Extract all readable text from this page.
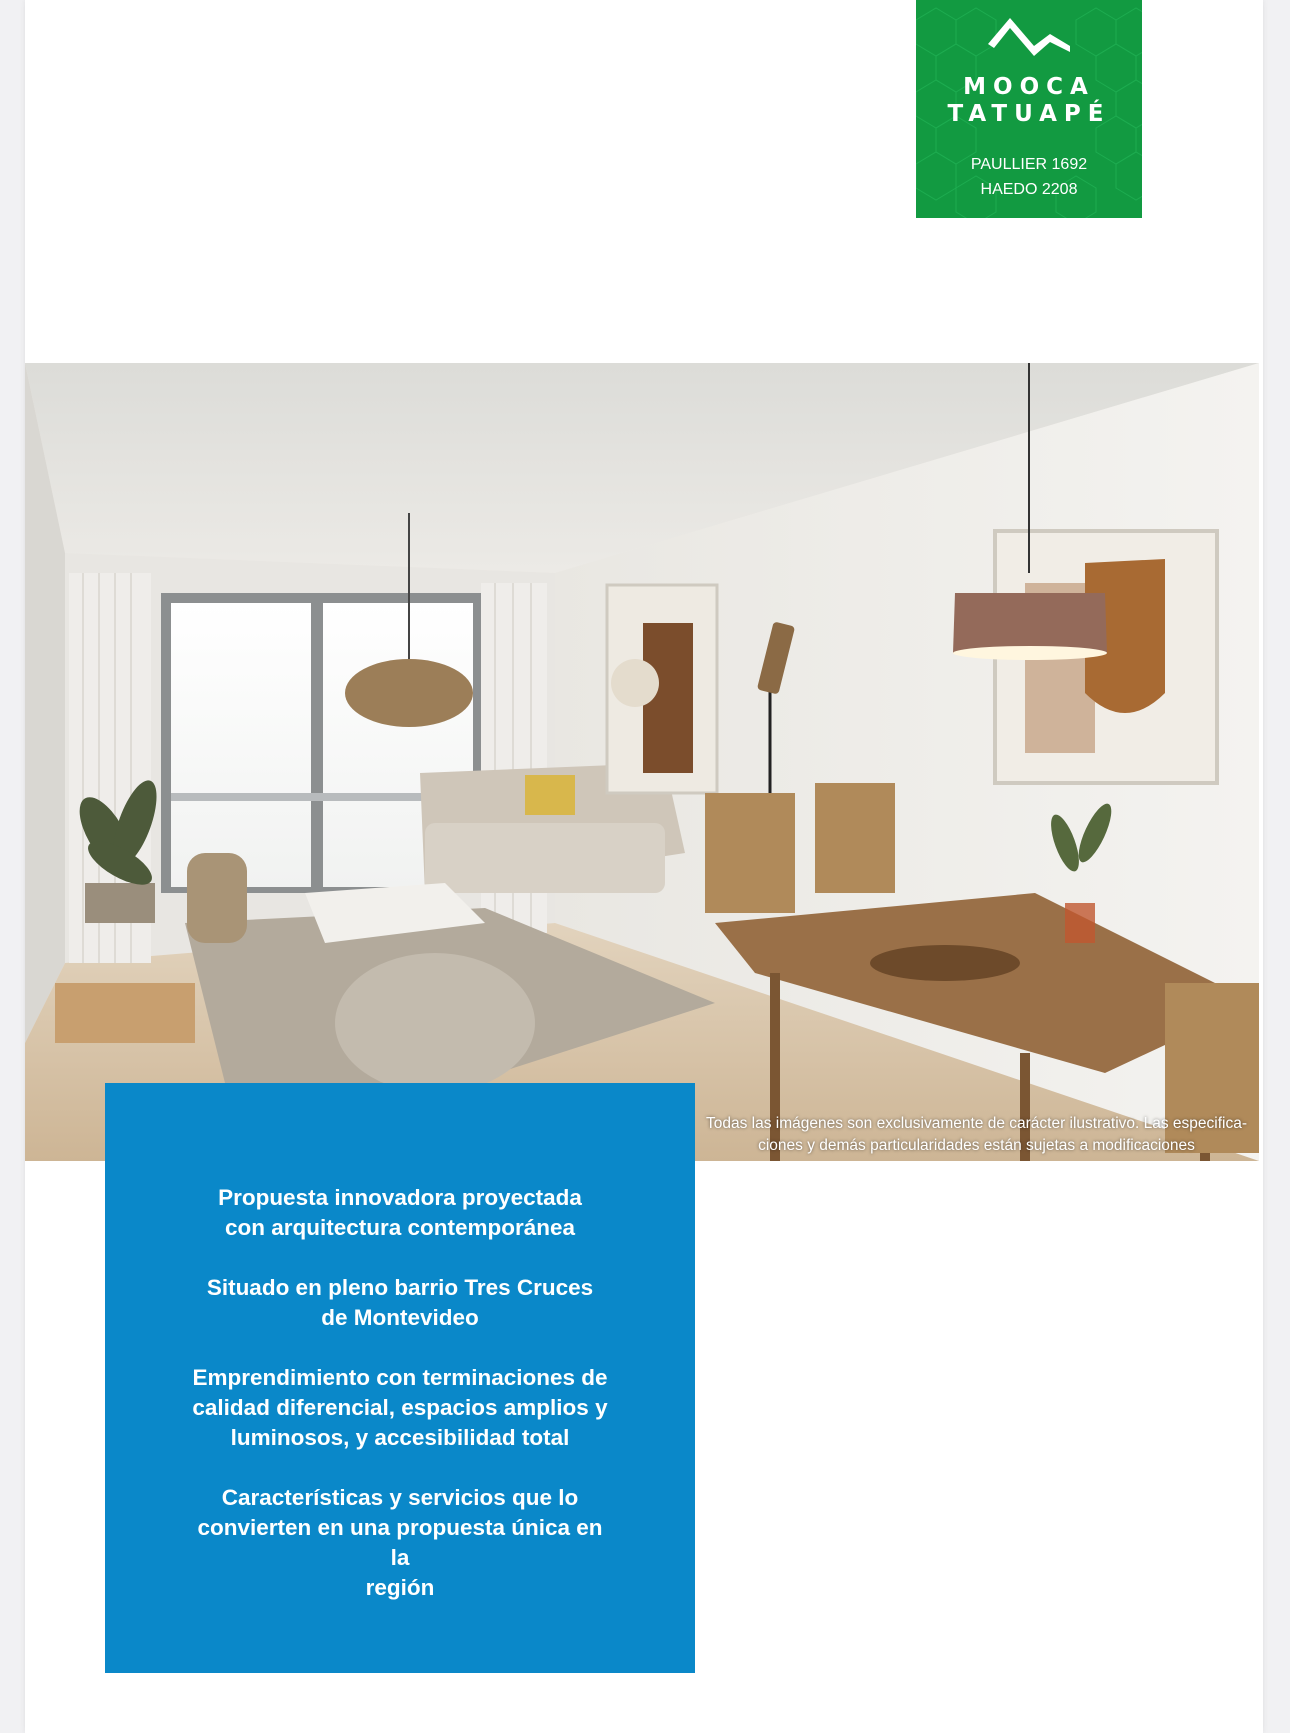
MOOCA
TATUAPÉ
PAULLIER 1692
HAEDO 2208
Todas las imágenes son exclusivamente de carácter ilustrativo. Las especifica-
ciones y demás particularidades están sujetas a modificaciones
Propuesta innovadora proyectada
con arquitectura contemporánea
Situado en pleno barrio Tres Cruces
de Montevideo
Emprendimiento con terminaciones de
calidad diferencial, espacios amplios y
luminosos, y accesibilidad total
Características y servicios que lo
convierten en una propuesta única en la
región
